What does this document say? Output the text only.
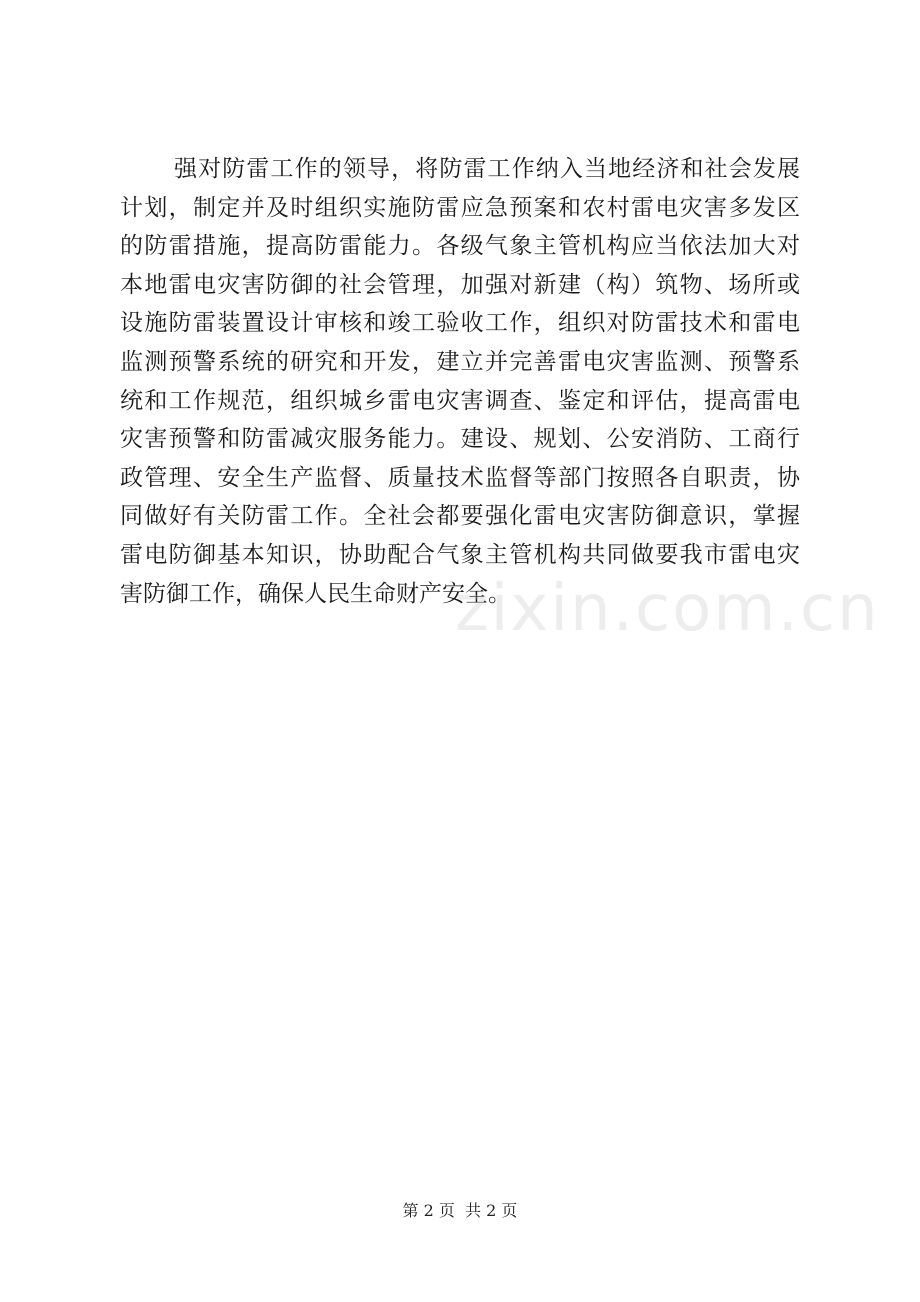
强对防雷工作的领导，将防雷工作纳入当地经济和社会发展
计划，制定并及时组织实施防雷应急预案和农村雷电灾害多发区
的防雷措施，提高防雷能力。各级气象主管机构应当依法加大对
本地雷电灾害防御的社会管理，加强对新建（构）筑物、场所或
设施防雷装置设计审核和竣工验收工作，组织对防雷技术和雷电
监测预警系统的研究和开发，建立并完善雷电灾害监测、预警系
统和工作规范，组织城乡雷电灾害调查、鉴定和评估，提高雷电
灾害预警和防雷减灾服务能力。建设、规划、公安消防、工商行
政管理、安全生产监督、质量技术监督等部门按照各自职责，协
同做好有关防雷工作。全社会都要强化雷电灾害防御意识，掌握
雷电防御基本知识，协助配合气象主管机构共同做要我市雷电灾
害防御工作，确保人民生命财产安全。
zixin.com.cn
第 2 页  共 2 页
